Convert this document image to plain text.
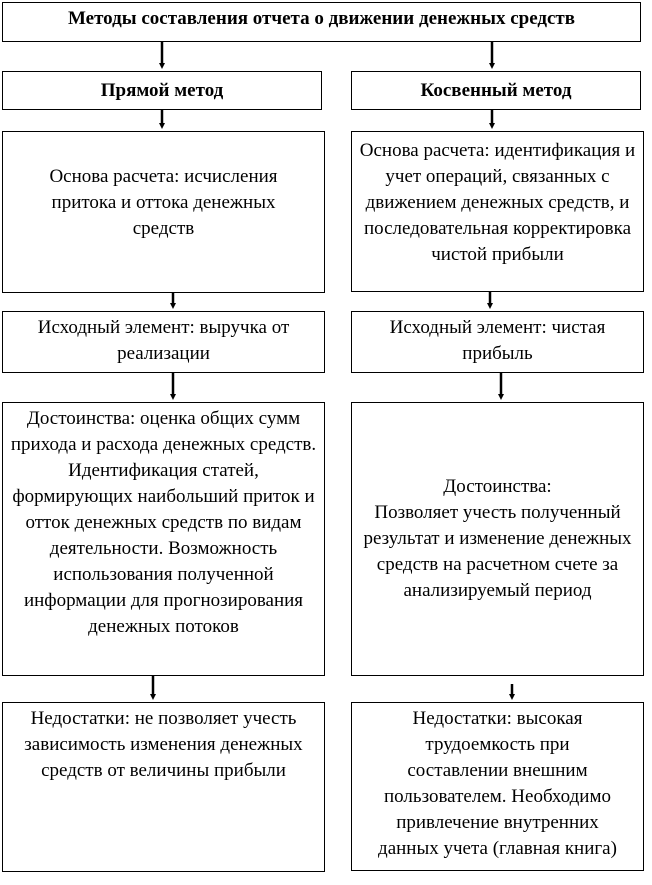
Методы составления отчета о движении денежных средств
Прямой метод	Косвенный метод
Основа расчета: исчисления притока и оттока денежных средств
Основа расчета: идентификация и учет операций, связанных с движением денежных средств, и последовательная корректировка чистой прибыли
Исходный элемент: выручка от реализации
Исходный элемент: чистая прибыль
Достоинства: оценка общих сумм прихода и расхода денежных средств. Идентификация статей, формирующих наибольший приток и отток денежных средств по видам деятельности. Возможность использования полученной информации для прогнозирования денежных потоков
Достоинства:
Позволяет учесть полученный результат и изменение денежных средств на расчетном счете за анализируемый период
Недостатки: не позволяет учесть зависимость изменения денежных средств от величины прибыли
Недостатки: высокая трудоемкость при составлении внешним пользователем. Необходимо привлечение внутренних данных учета (главная книга)
